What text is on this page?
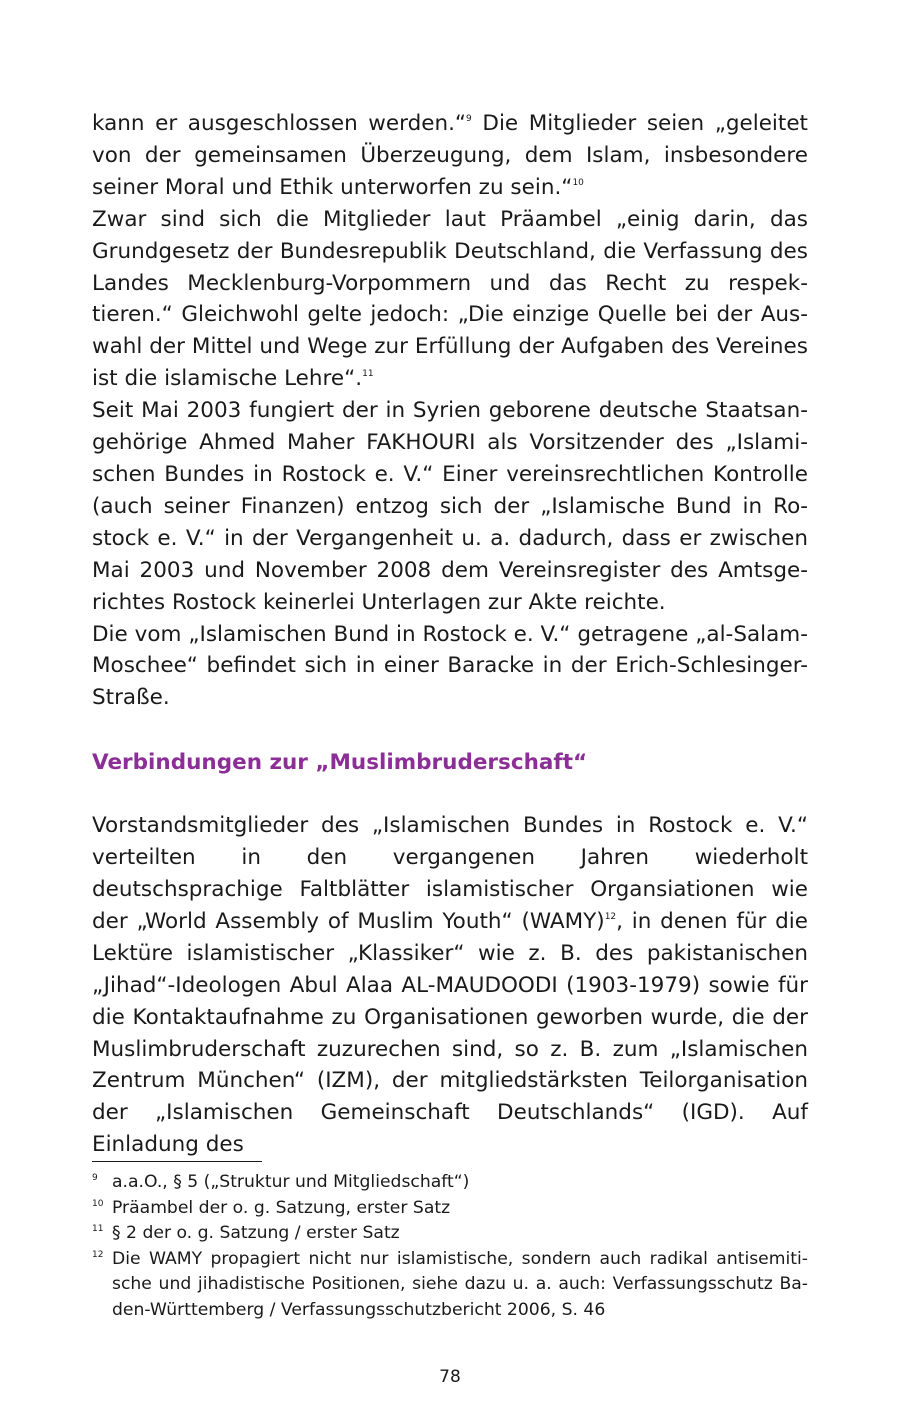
kann er ausgeschlossen werden.“$^9$ Die Mitglieder seien „geleitet von der gemeinsamen Überzeugung, dem Islam, insbesondere seiner Moral und Ethik unterworfen zu sein.“$^{10}$

Zwar sind sich die Mitglieder laut Präambel „einig darin, das Grundgesetz der Bundesrepublik Deutschland, die Verfassung des Landes Mecklenburg-Vorpommern und das Recht zu respektieren.“ Gleichwohl gelte jedoch: „Die einzige Quelle bei der Auswahl der Mittel und Wege zur Erfüllung der Aufgaben des Vereines ist die islamische Lehre“.$^{11}$

Seit Mai 2003 fungiert der in Syrien geborene deutsche Staatsangehörige Ahmed Maher FAKHOURI als Vorsitzender des „Islamischen Bundes in Rostock e. V.“ Einer vereinsrechtlichen Kontrolle (auch seiner Finanzen) entzog sich der „Islamische Bund in Rostock e. V.“ in der Vergangenheit u. a. dadurch, dass er zwischen Mai 2003 und November 2008 dem Vereinsregister des Amtsgerichtes Rostock keinerlei Unterlagen zur Akte reichte.

Die vom „Islamischen Bund in Rostock e. V.“ getragene „al-Salam-Moschee“ befindet sich in einer Baracke in der Erich-Schlesinger-Straße.

Verbindungen zur „Muslimbruderschaft“

Vorstandsmitglieder des „Islamischen Bundes in Rostock e. V.“ verteilten in den vergangenen Jahren wiederholt deutschsprachige Faltblätter islamistischer Organsiationen wie der „World Assembly of Muslim Youth“ (WAMY)$^{12}$, in denen für die Lektüre islamistischer „Klassiker“ wie z. B. des pakistanischen „Jihad“-Ideologen Abul Alaa AL-MAUDOODI (1903-1979) sowie für die Kontaktaufnahme zu Organisationen geworben wurde, die der Muslimbruderschaft zuzurechen sind, so z. B. zum „Islamischen Zentrum München“ (IZM), der mitgliedstärksten Teilorganisation der „Islamischen Gemeinschaft Deutschlands“ (IGD). Auf Einladung des

9 a.a.O., § 5 („Struktur und Mitgliedschaft“)
10 Präambel der o. g. Satzung, erster Satz
11 § 2 der o. g. Satzung / erster Satz
12 Die WAMY propagiert nicht nur islamistische, sondern auch radikal antisemitische und jihadistische Positionen, siehe dazu u. a. auch: Verfassungsschutz Baden-Württemberg / Verfassungsschutzbericht 2006, S. 46
78
